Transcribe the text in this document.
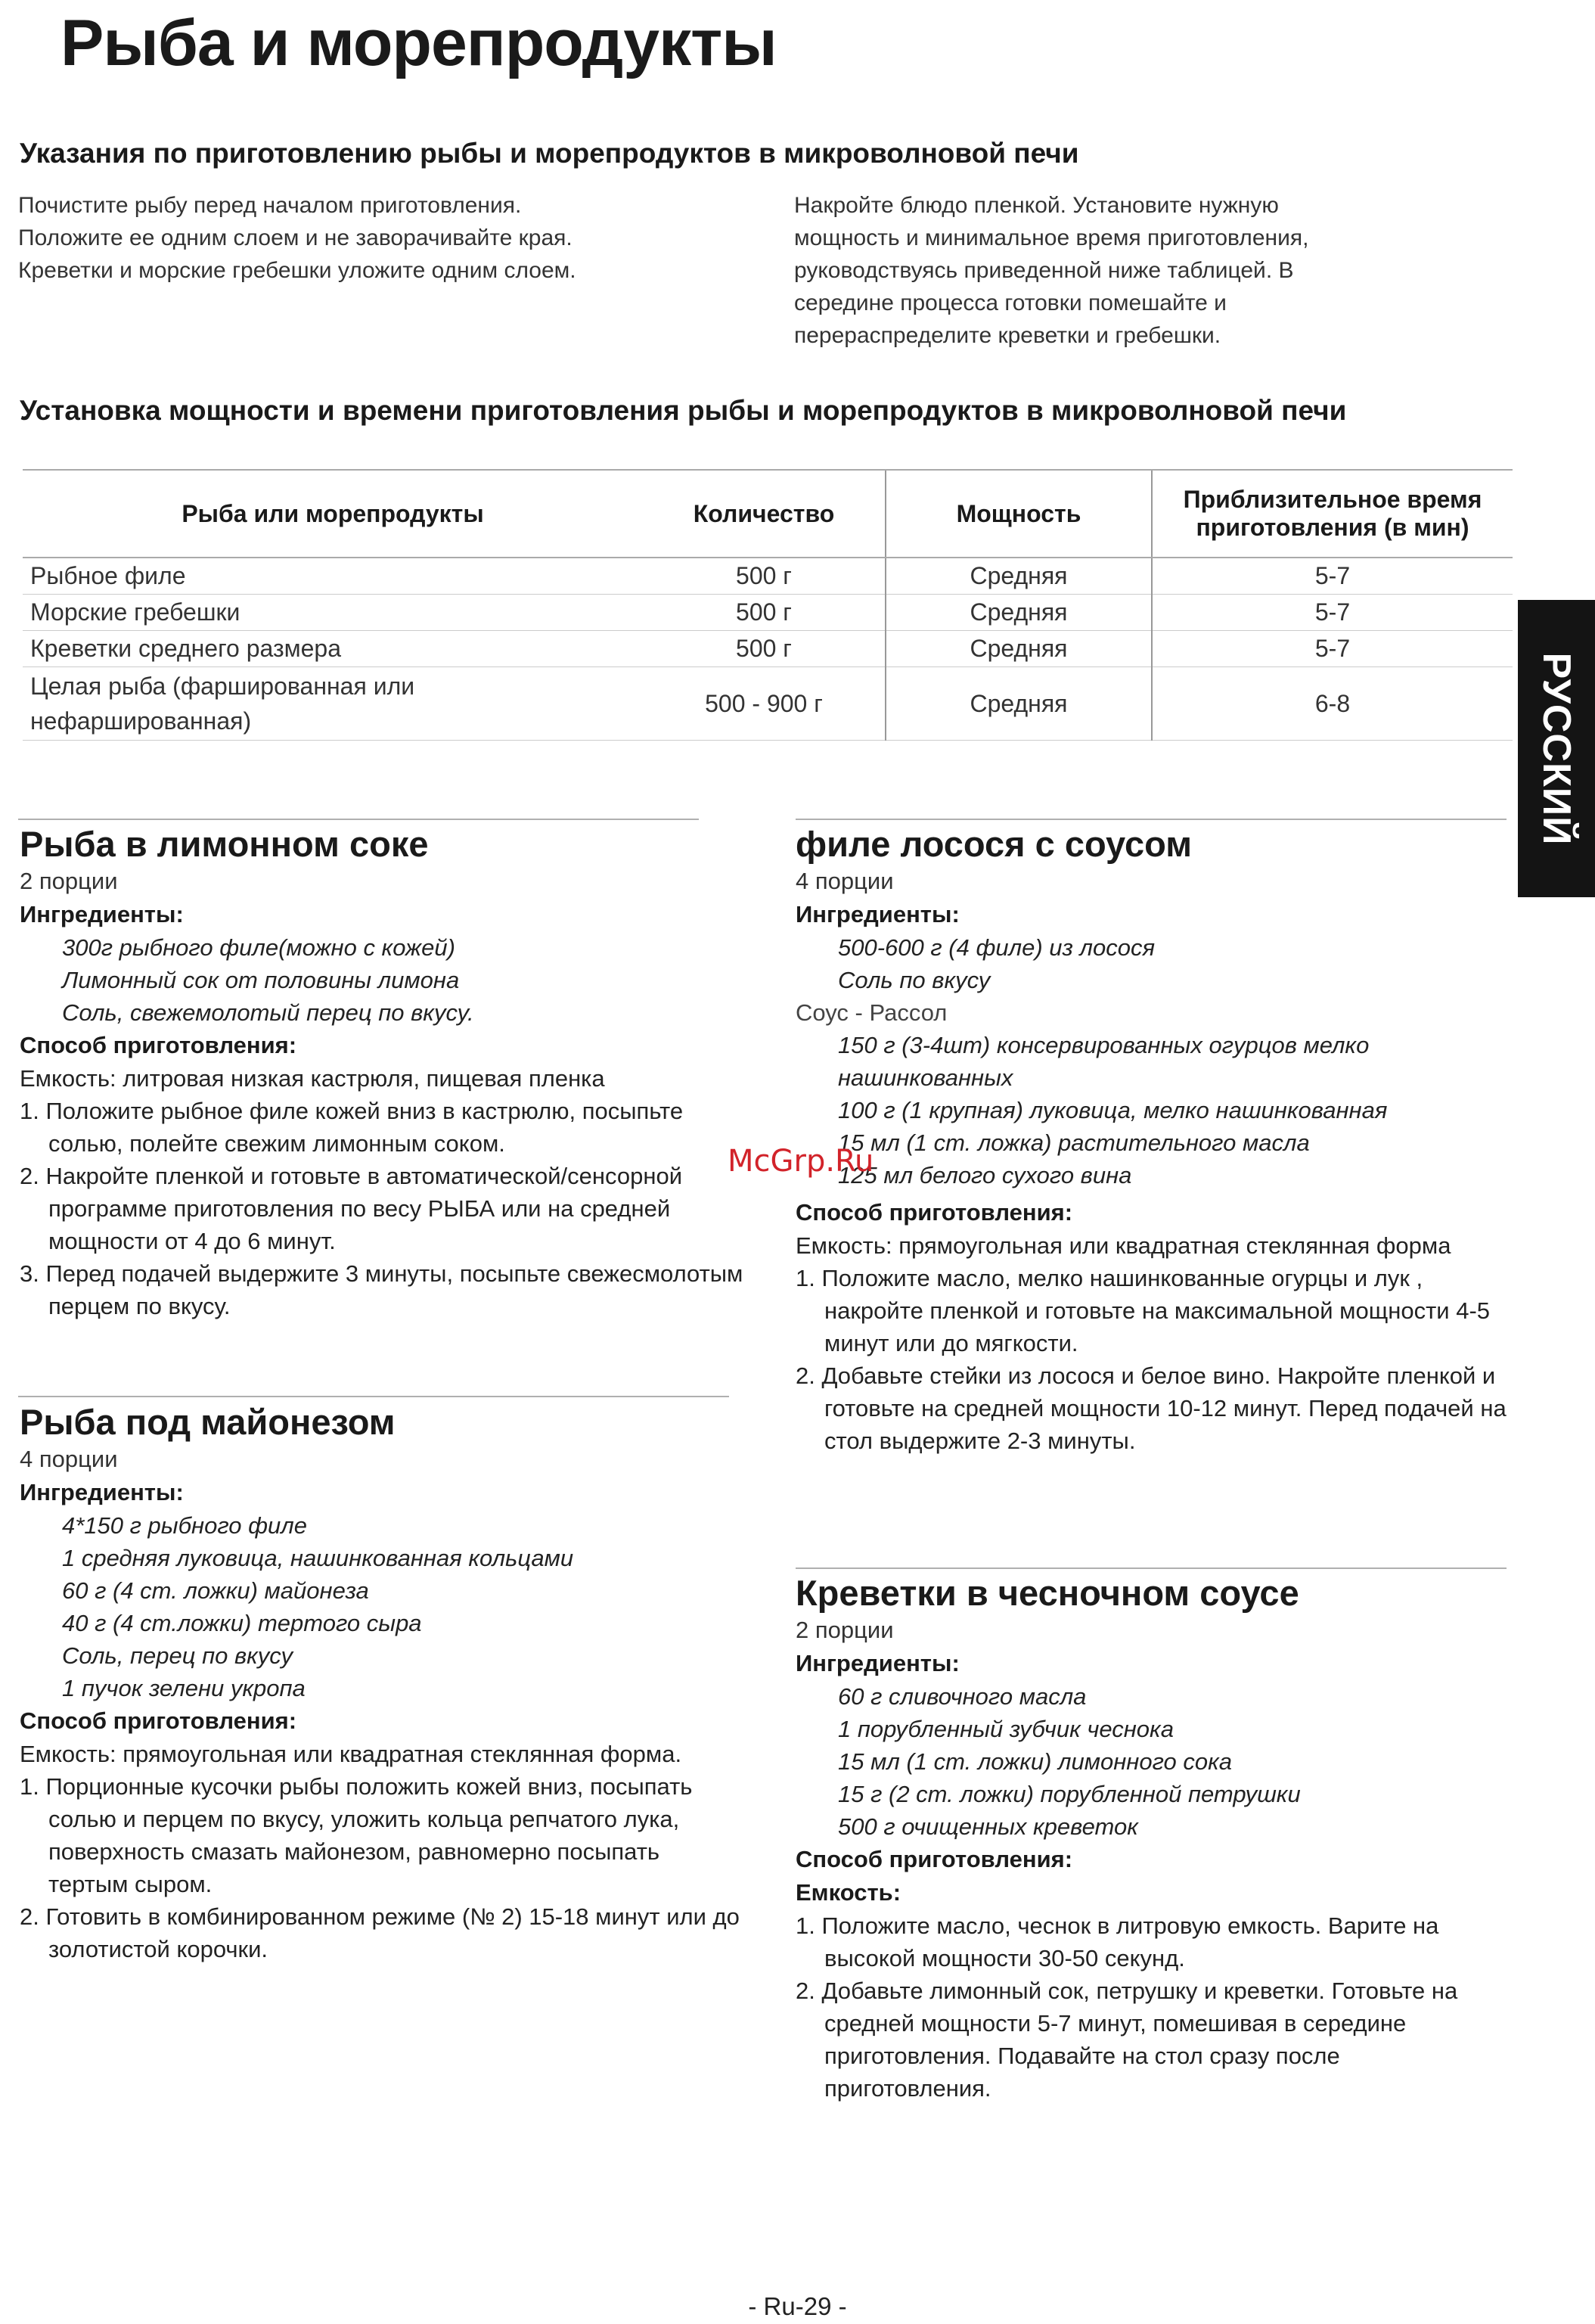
Рыба и морепродукты
Указания по приготовлению рыбы и морепродуктов в микроволновой печи

Почистите рыбу перед началом приготовления.

Положите ее одним слоем и не заворачивайте края.

Креветки и морские гребешки уложите одним слоем.

Накройте блюдо пленкой. Установите нужную

мощность и минимальное время приготовления,

руководствуясь приведенной ниже таблицей. В

середине процесса готовки помешайте и

перераспределите креветки и гребешки.

Установка мощности и времени приготовления рыбы и морепродуктов в микроволновой печи
Рыба или морепродукты	Количество	Мощность	Приблизительное время приготовления (в мин)
Рыбное филе	500 г	Средняя	5-7
Морские гребешки	500 г	Средняя	5-7
Креветки среднего размера	500 г	Средняя	5-7
Целая рыба (фаршированная или нефаршированная)	500 - 900 г	Средняя	6-8	РУССКИЙ
Рыба в лимонном соке

2 порции

Ингредиенты:

300г рыбного филе(можно с кожей)
Лимонный сок от половины лимона
Соль, свежемолотый перец по вкусу.

Способ приготовления:

Емкость: литровая низкая кастрюля, пищевая пленка

1. Положите рыбное филе кожей вниз в кастрюлю, посыпьте солью, полейте свежим лимонным соком.
2. Накройте пленкой и готовьте в автоматической/сенсорной программе приготовления по весу РЫБА или на средней мощности от 4 до 6 минут.
3. Перед подачей выдержите 3 минуты, посыпьте свежесмолотым перцем по вкусу.
Рыба под майонезом

4 порции

Ингредиенты:

4*150 г рыбного филе
1 средняя луковица, нашинкованная кольцами
60 г (4 ст. ложки) майонеза
40 г (4 ст.ложки) тертого сыра
Соль, перец по вкусу
1 пучок зелени укропа

Способ приготовления:

Емкость: прямоугольная или квадратная стеклянная форма.

1. Порционные кусочки рыбы положить кожей вниз, посыпать солью и перцем по вкусу, уложить кольца репчатого лука, поверхность смазать майонезом, равномерно посыпать тертым сыром.
2. Готовить в комбинированном режиме (№ 2) 15-18 минут или до золотистой корочки.
филе лосося с соусом

4 порции

Ингредиенты:

500-600 г (4 филе) из лосося
Соль по вкусу

Соус - Рассол

150 г (3-4шт) консервированных огурцов мелко нашинкованных
100 г (1 крупная) луковица, мелко нашинкованная
15 мл (1 ст. ложка) растительного масла
125 мл белого сухого вина

Способ приготовления:

Емкость: прямоугольная или квадратная стеклянная форма

1. Положите масло, мелко нашинкованные огурцы и лук , накройте пленкой и готовьте на максимальной мощности 4-5 минут или до мягкости.
2. Добавьте стейки из лосося и белое вино. Накройте пленкой и готовьте на средней мощности 10-12 минут. Перед подачей на стол выдержите 2-3 минуты.
Креветки в чесночном соусе

2 порции

Ингредиенты:

60 г сливочного масла
1 порубленный зубчик чеснока
15 мл (1 ст. ложки) лимонного сока
15 г (2 ст. ложки) порубленной петрушки
500 г очищенных креветок

Способ приготовления:

Емкость:

1. Положите масло, чеснок в литровую емкость. Варите на высокой мощности 30-50 секунд.
2. Добавьте лимонный сок, петрушку и креветки. Готовьте на средней мощности 5-7 минут, помешивая в середине приготовления. Подавайте на стол сразу после приготовления.
McGrp.Ru
- Ru-29 -
